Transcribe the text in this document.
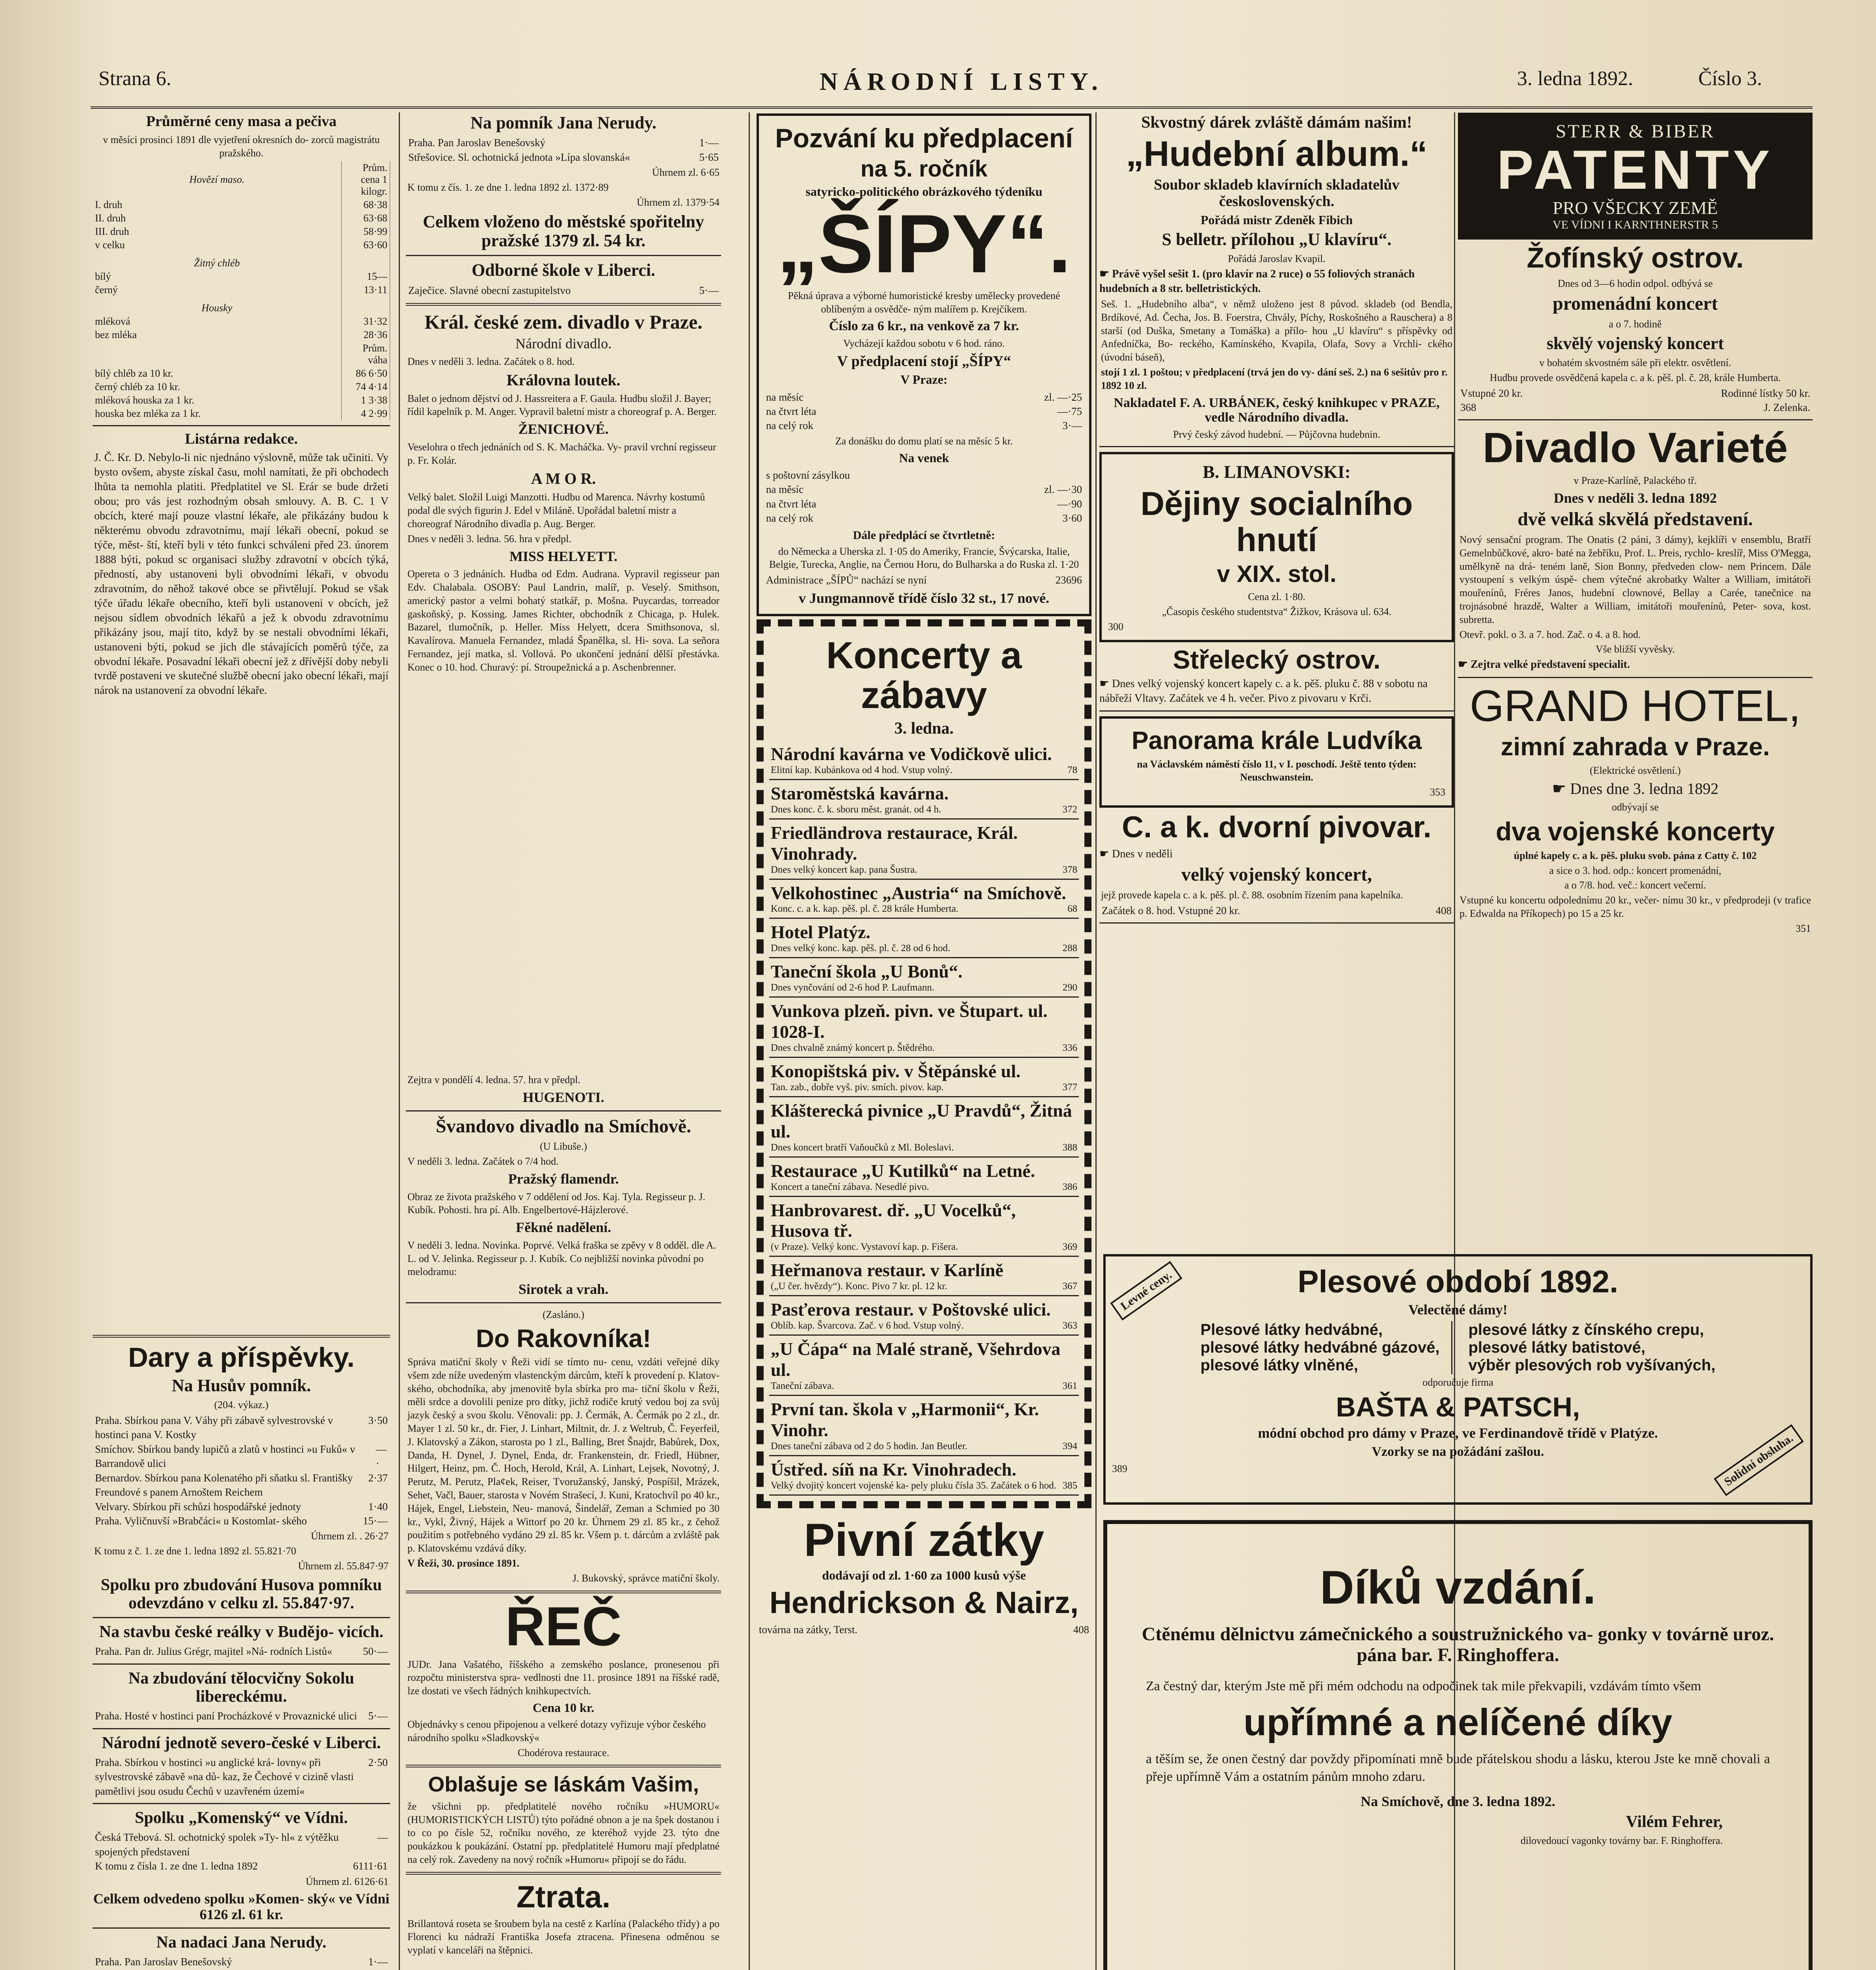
Strana 6.	NÁRODNÍ LISTY.	3. ledna 1892.	Číslo 3.
Průměrné ceny masa a pečiva
v měsíci prosinci 1891 dle vyjetření okresních do- zorců magistrátu pražského.
Hovězí maso.	Prům. cena 1 kilogr.
I. druh	68·38
II. druh	63·68
III. druh	58·99
v celku	63·60
Žitný chléb	
bílý	15—
černý	13·11
Housky	
mléková	31·32
bez mléka	28·36
	Prům. váha
bílý chléb za 10 kr.	86 6·50
černý chléb za 10 kr.	74 4·14
mléková houska za 1 kr.	1 3·38
houska bez mléka za 1 kr.	4 2·99
Listárna redakce.
J. Č. Kr. D. Nebylo-li nic njednáno výslovně, může tak učiniti. Vy bysto ovšem, abyste získal času, mohl namítati, že při obchodech lhůta ta nemohla platiti. Předplatitel ve Sl. Erár se bude držeti obou; pro vás jest rozhodným obsah smlouvy. A. B. C. 1 V obcích, které mají pouze vlastní lékaře, ale přikázány budou k některému obvodu zdravotnímu, mají lékaři obecní, pokud se týče, měst- ští, kteří byli v této funkci schváleni před 23. únorem 1888 býti, pokud sc organisaci služby zdravotní v obcích týká, předností, aby ustanoveni byli obvodními lékaři, v obvodu zdravotním, do něhož takové obce se přivtělují. Pokud se však týče úřadu lékaře obecního, kteří byli ustanoveni v obcích, jež nejsou sídlem obvodních lékařů a jež k obvodu zdravotnímu přikázány jsou, mají tito, když by se nestali obvodními lékaři, ustanoveni býti, pokud se jich dle stávajících poměrů týče, za obvodní lékaře. Posavadní lékaři obecní jež z dřívější doby nebyli tvrdě postaveni ve skutečné službě obecní jako obecní lékaři, mají nárok na ustanovení za obvodní lékaře.
Dary a příspěvky.
Na Husův pomník.
(204. výkaz.)
Praha. Sbírkou pana V. Váhy při zábavě sylvestrovské v hostinci pana V. Kostky
3·50
Smíchov. Sbírkou bandy lupičů a zlatů v hostinci »u Fuků« v Barrandově ulici
—·
Bernardov. Sbírkou pana Kolenatého při sňatku sl. Františky Freundové s panem Arnoštem Reichem
2·37
Velvary. Sbírkou při schůzi hospodářské jednoty	1·40
Praha. Vyličnuvší »Brabčáci« u Kostomlat- ského	15·—
Úhrnem zl. . 26·27
K tomu z č. 1. ze dne 1. ledna 1892 zl. 55.821·70
Úhrnem zl. 55.847·97
Spolku pro zbudování Husova pomníku odevzdáno v celku zl. 55.847·97.
Na stavbu české reálky v Budějo- vicích.
Praha. Pan dr. Julius Grégr, majitel »Ná- rodních Listů«	50·—
Na zbudování tělocvičny Sokolu libereckému.
Praha. Hosté v hostinci paní Procházkové v Provaznické ulici 5·—
Národní jednotě severo-české v Liberci.
Praha. Sbírkou v hostinci »u anglické krá- lovny« při sylvestrovské zábavě »na dů- kaz, že Čechové v cizině vlasti pamětlivi jsou osudu Čechů v uzavřeném území«
2·50
Spolku „Komenský“ ve Vídni.
Česká Třebová. Sl. ochotnický spolek »Ty- hl« z výtěžku spojených představení
—
K tomu z čísla 1. ze dne 1. ledna 1892	6111·61
Úhrnem zl. 6126·61
Celkem odvedeno spolku »Komen- ský« ve Vídni 6126 zl. 61 kr.
Na nadaci Jana Nerudy.
Praha. Pan Jaroslav Benešovský	1·—
Na pomník Jana Nerudy.
Praha. Pan Jaroslav Benešovský	1·—
Střešovice. Sl. ochotnická jednota »Lípa slovanská«	5·65
Úhrnem zl. 6·65
K tomu z čís. 1. ze dne 1. ledna 1892 zl. 1372·89
Úhrnem zl. 1379·54
Celkem vloženo do městské spořitelny pražské 1379 zl. 54 kr.
Odborné škole v Liberci.
Zaječice. Slavné obecní zastupitelstvo	5·—
Král. české zem. divadlo v Praze.
Národní divadlo.
Dnes v neděli 3. ledna. Začátek o 8. hod.
Královna loutek.
Balet o jednom dějství od J. Hassreitera a F. Gaula. Hudbu složil J. Bayer; řídil kapelník p. M. Anger. Vypravil baletní mistr a choreograf p. A. Berger.
ŽENICHOVÉ.
Veselohra o třech jednáních od S. K. Macháčka. Vy- pravil vrchní regisseur p. Fr. Kolár.
A M O R.
Velký balet. Složil Luigi Manzotti. Hudbu od Marenca. Návrhy kostumů podal dle svých figurin J. Edel v Miláně. Upořádal baletní mistr a choreograf Národního divadla p. Aug. Berger.
Dnes v neděli 3. ledna. 56. hra v předpl.
MISS HELYETT.
Opereta o 3 jednáních. Hudba od Edm. Audrana. Vypravil regisseur pan Edv. Chalabala. OSOBY: Paul Landrin, malíř, p. Veselý. Smithson, americký pastor a velmi bohatý statkář, p. Mošna. Puycardas, torreador gaskoňský, p. Kossing. James Richter, obchodník z Chicaga, p. Hulek. Bazarel, tlumočník, p. Heller. Miss Helyett, dcera Smithsonova, sl. Kavalírova. Manuela Fernandez, mladá Španělka, sl. Hi- sova. La señora Fernandez, její matka, sl. Vollová. Po ukončení jednání dělší přestávka. Konec o 10. hod. Churavý: pí. Stroupežnická a p. Aschenbrenner.
Zejtra v pondělí 4. ledna. 57. hra v předpl.
HUGENOTI.
Švandovo divadlo na Smíchově.
(U Libuše.)
V neděli 3. ledna. Začátek o 7/4 hod.
Pražský flamendr.
Obraz ze života pražského v 7 oddělení od Jos. Kaj. Tyla. Regisseur p. J. Kubík. Pohosti. hra pí. Alb. Engelbertové-Hájzlerové.
Fěkné nadělení.
V neděli 3. ledna. Novinka. Poprvé. Velká fraška se zpěvy v 8 odděl. dle A. L. od V. Jelinka. Regisseur p. J. Kubík. Co nejbližší novinka původní po melodramu:
Sirotek a vrah.
(Zasláno.)
Do Rakovníka!
Správa matiční školy v Řeži vidí se tímto nu- cenu, vzdáti veřejné díky všem zde níže uvedeným vlastenckým dárcům, kteří k provedení p. Klatov- ského, obchodníka, aby jmenovitě byla sbírka pro ma- tiční školu v Řeži, měli srdce a dovolili penize pro dítky, jichž rodiče krutý vedou boj za svůj jazyk český a svou školu. Věnovali: pp. J. Čermák, A. Čermák po 2 zl., dr. Mayer 1 zl. 50 kr., dr. Fier, J. Linhart, Miltnit, dr. J. z Weltrub, Č. Feyerfeil, J. Klatovský a Zákon, starosta po 1 zl., Balling, Bret Šnajdr, Babůrek, Dox, Danda, H. Dynel, J. Dynel, Enda, dr. Frankenstein, dr. Friedl, Hübner, Hilgert, Heinz, pm. Č. Hoch, Herold, Král, A. Linhart, Lejsek, Novotný, J. Perutz, M. Perutz, Pla¢ek, Reiser, Tvoružanský, Janský, Pospíšil, Mrázek, Sehet, Vačl, Bauer, starosta v Novém Strašecí, J. Kuni, Kratochvíl po 40 kr., Hájek, Engel, Liebstein, Neu- manová, Šindelář, Zeman a Schmied po 30 kr., Vykl, Živný, Hájek a Wittorf po 20 kr. Úhrnem 29 zl. 85 kr., z čehož použitím s potřebného vydáno 29 zl. 85 kr. Všem p. t. dárcům a zvláště pak p. Klatovskému vzdává díky.
V Řeži, 30. prosince 1891.
J. Bukovský, správce matiční školy.
ŘEČ
JUDr. Jana Vašatého, říšského a zemského poslance, pronesenou při rozpočtu ministerstva spra- vedlnosti dne 11. prosince 1891 na říšské radě, lze dostati ve všech řádných knihkupectvích.
Cena 10 kr.
Objednávky s cenou připojenou a velkeré dotazy vyřizuje výbor českého národního spolku »Sladkovský«
Chodérova restaurace.
Oblašuje se láskám Vašim,
že všichni pp. předplatitelé nového ročníku »HUMORU« (HUMORISTICKÝCH LISTŮ) týto pořádné obnon a je na špek dostanou i to co po čísle 52, ročníku nového, ze kteréhož vyjde 23. týto dne poukázkou k poukázání. Ostatní pp. předplatitelé Humoru mají předplatné na celý rok. Zavedeny na nový ročník »Humoru« připojí se do řádu.
Ztrata.
Brillantová roseta se šroubem byla na cestě z Karlína (Palackého třídy) a po Florenci ku nádraží Františka Josefa ztracena. Přinesena odměnou se vyplatí v kanceláři na štěpnici.
Pozvání ku předplacení
na 5. ročník
satyricko-politického obrázkového týdeníku
„ŠÍPY“.
Pěkná úprava a výborné humoristické kresby umělecky provedené oblíbeným a osvědče- ným malířem p. Krejčíkem.
Číslo za 6 kr., na venkově za 7 kr.
Vycházejí každou sobotu v 6 hod. ráno.
V předplacení stojí „ŠÍPY“
V Praze:
na měsíc	zl. —·25
na čtvrt léta	—·75
na celý rok	3·—
Za donášku do domu platí se na měsíc 5 kr.
Na venek
s poštovní zásylkou
na měsíc	zl. —·30
na čtvrt léta	—·90
na celý rok	3·60
Dále předplácí se čtvrtletně:
do Německa a Uherska zl. 1·05 do Ameriky, Francie, Švýcarska, Italie, Belgie, Turecka, Anglie, na Černou Horu, do Bulharska a do Ruska zl. 1·20
Administrace „ŠÍPŮ“ nachází se nyní	23696
v Jungmannově třídě číslo 32 st., 17 nové.
Koncerty a zábavy
3. ledna.
Národní kavárna ve Vodičkově ulici.
Elitní kap. Kubánkova od 4 hod. Vstup volný.	78
Staroměstská kavárna.
Dnes konc. č. k. sboru měst. granát. od 4 h.	372
Friedländrova restaurace, Král. Vinohrady.
Dnes velký koncert kap. pana Šustra.	378
Velkohostinec „Austria“ na Smíchově.
Konc. c. a k. kap. pěš. pl. č. 28 krále Humberta.	68
Hotel Platýz.
Dnes velký konc. kap. pěš. pl. č. 28 od 6 hod.	288
Taneční škola „U Bonů“.
Dnes vynčování od 2-6 hod P. Laufmann.	290
Vunkova plzeň. pivn. ve Štupart. ul. 1028-I.
Dnes chvalně známý koncert p. Štědrého.	336
Konopištská piv. v Štěpánské ul.
Tan. zab., dobře vyš. piv. smích. pivov. kap.	377
Klášterecká pivnice „U Pravdů“, Žitná ul.
Dnes koncert bratří Vaňoučků z Ml. Boleslavi.	388
Restaurace „U Kutilků“ na Letné.
Koncert a taneční zábava. Nesedlé pivo.	386
Hanbrovarest. dř. „U Vocelků“, Husova tř.
(v Praze). Velký konc. Vystavoví kap. p. Fišera.	369
Heřmanova restaur. v Karlíně
(„U čer. hvězdy“). Konc. Pivo 7 kr. pl. 12 kr.	367
Pasťerova restaur. v Poštovské ulici.
Oblíb. kap. Švarcova. Zač. v 6 hod. Vstup volný.	363
„U Čápa“ na Malé straně, Všehrdova ul.
Taneční zábava.	361
První tan. škola v „Harmonii“, Kr. Vinohr.
Dnes taneční zábava od 2 do 5 hodin. Jan Beutler.	394
Ústřed. síň na Kr. Vinohradech.
Velký dvojitý koncert vojenské ka- pely pluku čísla 35. Začátek o 6 hod. 385
Pivní zátky
dodávají od zl. 1·60 za 1000 kusů výše
Hendrickson & Nairz,
továrna na zátky, Terst.	408
Skvostný dárek zvláště dámám našim!
„Hudební album.“
Soubor skladeb klavírních skladatelův československých.
Pořádá mistr Zdeněk Fibich
S belletr. přílohou „U klavíru“.
Pořádá Jaroslav Kvapil.
☛ Právě vyšel sešit 1. (pro klavír na 2 ruce) o 55 foliových stranách hudebních a 8 str. belletristických.
Seš. 1. „Hudebního alba“, v němž uloženo jest 8 původ. skladeb (od Bendla, Brdíkové, Ad. Čecha, Jos. B. Foerstra, Chvály, Píchy, Roskošného a Rauschera) a 8 starší (od Duška, Smetany a Tomáška) a přílo- hou „U klavíru“ s příspěvky od Anfedníčka, Bo- reckého, Kamínského, Kvapila, Olafa, Sovy a Vrchli- ckého (úvodní báseň),
stojí 1 zl. 1 poštou; v předplacení (trvá jen do vy- dání seš. 2.) na 6 sešitův pro r. 1892 10 zl.
Nakladatel F. A. URBÁNEK, český knihkupec v PRAZE, vedle Národního divadla.
Prvý český závod hudební. — Půjčovna hudebnin.
B. LIMANOVSKI:
Dějiny socialního hnutí
v XIX. stol.
Cena zl. 1·80.
„Časopis českého studentstva“ Žižkov, Krásova ul. 634.
300
Střelecký ostrov.
☛ Dnes velký vojenský koncert kapely c. a k. pěš. pluku č. 88 v sobotu na nábřeží Vltavy. Začátek ve 4 h. večer. Pivo z pivovaru v Krči.
Panorama krále Ludvíka
na Václavském náměstí číslo 11, v I. poschodí. Ještě tento týden: Neuschwanstein.
353
C. a k. dvorní pivovar.
☛ Dnes v neděli
velký vojenský koncert,
jejž provede kapela c. a k. pěš. pl. č. 88. osobním řízením pana kapelníka.
Začátek o 8. hod. Vstupné 20 kr.	408
STERR & BIBER
PATENTY
PRO VŠECKY ZEMĚ
VE VÍDNI I KARNTHNERSTR 5
Žofínský ostrov.
Dnes od 3—6 hodin odpol. odbývá se
promenádní koncert
a o 7. hodině
skvělý vojenský koncert
v bohatém skvostném sále při elektr. osvětlení.
Hudbu provede osvědčená kapela c. a k. pěš. pl. č. 28, krále Humberta.
Vstupné 20 kr.	Rodinné lístky 50 kr.
368	J. Zelenka.
Divadlo Varieté
v Praze-Karlíně, Palackého tř.
Dnes v neděli 3. ledna 1892
dvě velká skvělá představení.
Nový sensační program. The Onatis (2 páni, 3 dámy), kejklíři v ensemblu, Bratří Gemelnbůčkové, akro- baté na žebříku, Prof. L. Preis, rychlo- kreslíř, Miss O'Megga, umělkyně na drá- teném laně, Sion Bonny, předveden clow- nem Princem. Dále vystoupení s velkým úspě- chem výtečné akrobatky Walter a William, imitátoři mouřenínů, Fréres Janos, hudební clownové, Bellay a Carée, tanečnice na trojnásobné hrazdě, Walter a William, imitátoři mouřenínů, Peter- sova, kost. subretta.
Otevř. pokl. o 3. a 7. hod. Zač. o 4. a 8. hod.
Vše bližší vyvěsky.
☛ Zejtra velké představení specialit.
GRAND HOTEL,
zimní zahrada v Praze.
(Elektrické osvětlení.)
☛ Dnes dne 3. ledna 1892
odbývají se
dva vojenské koncerty
úplné kapely c. a k. pěš. pluku svob. pána z Catty č. 102
a sice o 3. hod. odp.: koncert promenádní,
a o 7/8. hod. več.: koncert večerní.
Vstupné ku koncertu odpolednímu 20 kr., večer- nímu 30 kr., v předprodeji (v trafice p. Edwalda na Příkopech) po 15 a 25 kr.
351
Levné ceny.
Solidní obsluha.
Plesové období 1892.
Velectěné dámy!
Plesové látky hedvábné,
plesové látky hedvábné gázové,
plesové látky vlněné,
plesové látky z čínského crepu,
plesové látky batistové,
výběr plesových rob vyšívaných,
odporučuje firma
BAŠTA & PATSCH,
módní obchod pro dámy v Praze, ve Ferdinandově třídě v Platýze.
Vzorky se na požádání zašlou.
389
Díků vzdání.
Ctěnému dělnictvu zámečnického a soustružnického va- gonky v továrně uroz. pána bar. F. Ringhoffera.
Za čestný dar, kterým Jste mě při mém odchodu na odpočinek tak mile překvapili, vzdávám tímto všem
upřímné a nelíčené díky
a těším se, že onen čestný dar povždy připomínati mně bude přátelskou shodu a lásku, kterou Jste ke mně chovali a přeje upřímně Vám a ostatním pánům mnoho zdaru.
Na Smíchově, dne 3. ledna 1892.
Vilém Fehrer,
dilovedoucí vagonky továrny bar. F. Ringhoffera.
